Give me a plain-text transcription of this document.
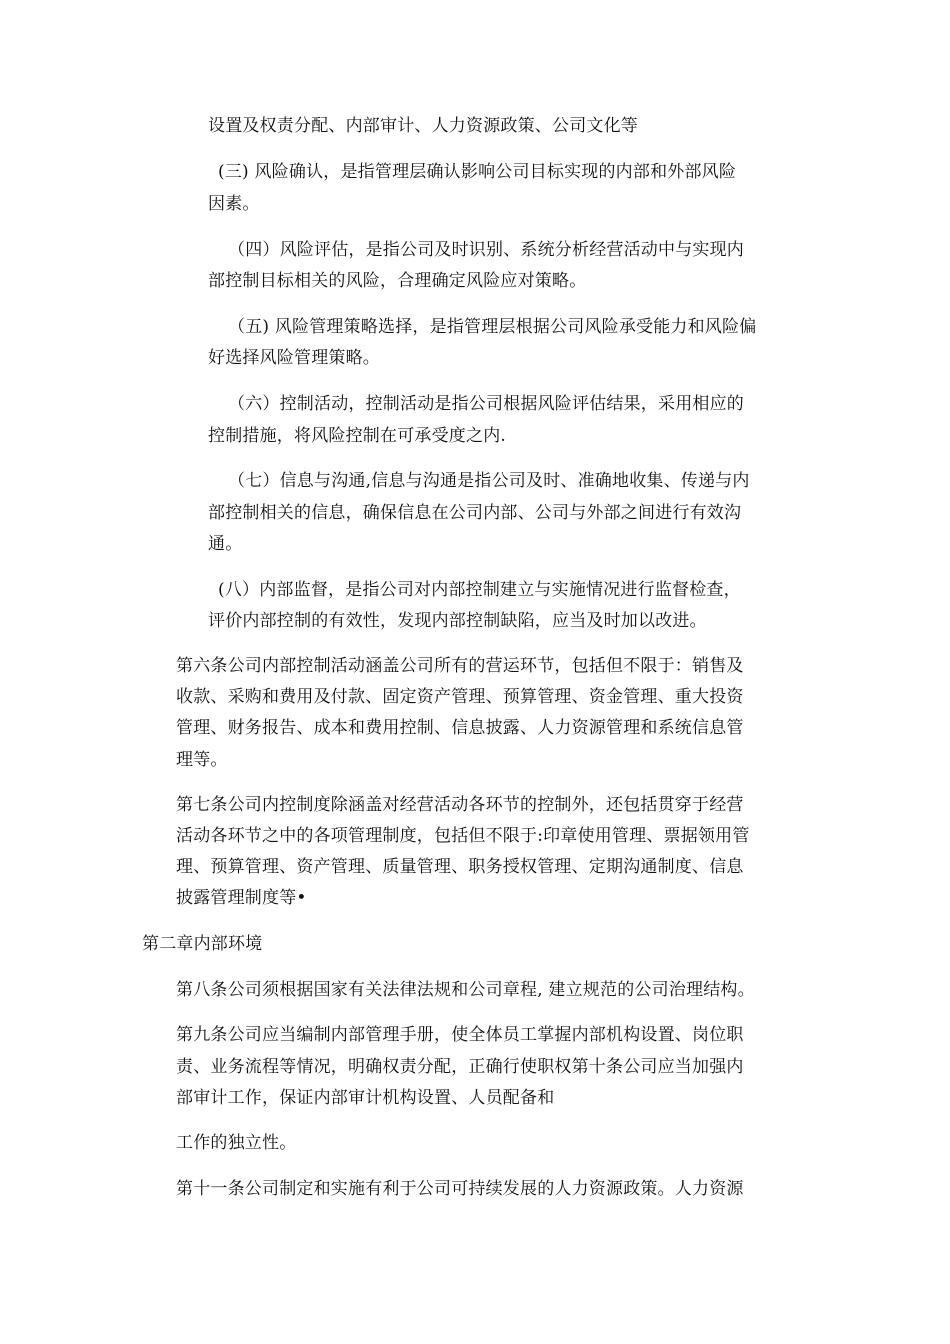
设置及权责分配、内部审计、人力资源政策、公司文化等
(三) 风险确认，是指管理层确认影响公司目标实现的内部和外部风险
因素。
（四）风险评估，是指公司及时识别、系统分析经营活动中与实现内
部控制目标相关的风险，合理确定风险应对策略。
（五) 风险管理策略选择，是指管理层根据公司风险承受能力和风险偏
好选择风险管理策略。
（六）控制活动，控制活动是指公司根据风险评估结果，采用相应的
控制措施，将风险控制在可承受度之内.
（七）信息与沟通,信息与沟通是指公司及时、准确地收集、传递与内
部控制相关的信息，确保信息在公司内部、公司与外部之间进行有效沟
通。
(八）内部监督，是指公司对内部控制建立与实施情况进行监督检查，
评价内部控制的有效性，发现内部控制缺陷，应当及时加以改进。
第六条公司内部控制活动涵盖公司所有的营运环节，包括但不限于：销售及
收款、采购和费用及付款、固定资产管理、预算管理、资金管理、重大投资
管理、财务报告、成本和费用控制、信息披露、人力资源管理和系统信息管
理等。
第七条公司内控制度除涵盖对经营活动各环节的控制外，还包括贯穿于经营
活动各环节之中的各项管理制度，包括但不限于:印章使用管理、票据领用管
理、预算管理、资产管理、质量管理、职务授权管理、定期沟通制度、信息
披露管理制度等•
第二章内部环境
第八条公司须根据国家有关法律法规和公司章程, 建立规范的公司治理结构。
第九条公司应当编制内部管理手册，使全体员工掌握内部机构设置、岗位职
责、业务流程等情况，明确权责分配，正确行使职权第十条公司应当加强内
部审计工作，保证内部审计机构设置、人员配备和
工作的独立性。
第十一条公司制定和实施有利于公司可持续发展的人力资源政策。人力资源
